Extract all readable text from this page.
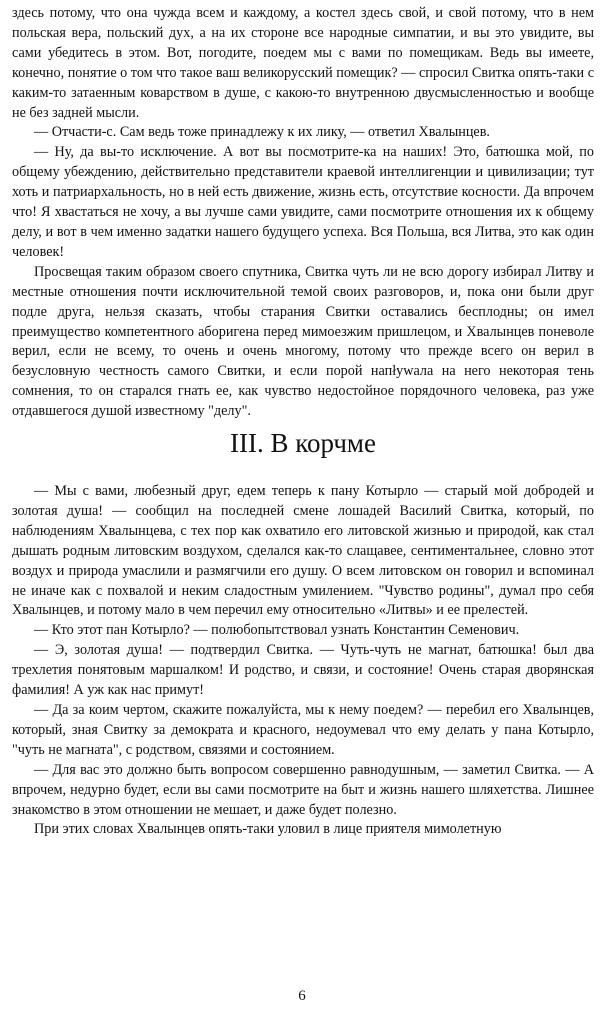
здесь потому, что она чужда всем и каждому, а костел здесь свой, и свой потому, что в нем польская вера, польский дух, а на их стороне все народные симпатии, и вы это увидите, вы сами убедитесь в этом. Вот, погодите, поедем мы с вами по помещикам. Ведь вы имеете, конечно, понятие о том что такое ваш великорусский помещик? — спросил Свитка опять-таки с каким-то затаенным коварством в душе, с какою-то внутренною двусмысленностью и вообще не без задней мысли.

— Отчасти-с. Сам ведь тоже принадлежу к их лику, — ответил Хвалынцев.

— Ну, да вы-то исключение. А вот вы посмотрите-ка на наших! Это, батюшка мой, по общему убеждению, действительно представители краевой интеллигенции и цивилизации; тут хоть и патриархальность, но в ней есть движение, жизнь есть, отсутствие косности. Да впрочем что! Я хвастаться не хочу, а вы лучше сами увидите, сами посмотрите отношения их к общему делу, и вот в чем именно задатки нашего будущего успеха. Вся Польша, вся Литва, это как один человек!

Просвещая таким образом своего спутника, Свитка чуть ли не всю дорогу избирал Литву и местные отношения почти исключительной темой своих разговоров, и, пока они были друг подле друга, нельзя сказать, чтобы старания Свитки оставались бесплодны; он имел преимущество компетентного аборигена перед мимоезжим пришлецом, и Хвалынцев поневоле верил, если не всему, то очень и очень многому, потому что прежде всего он верил в безусловную честность самого Свитки, и если порой напływала на него некоторая тень сомнения, то он старался гнать ее, как чувство недостойное порядочного человека, раз уже отдавшегося душой известному "делу".

III. В корчме

— Мы с вами, любезный друг, едем теперь к пану Котырло — старый мой добродей и золотая душа! — сообщил на последней смене лошадей Василий Свитка, который, по наблюдениям Хвалынцева, с тех пор как охватило его литовской жизнью и природой, как стал дышать родным литовским воздухом, сделался как-то слащавее, сентиментальнее, словно этот воздух и природа умаслили и размягчили его душу. О всем литовском он говорил и вспоминал не иначе как с похвалой и неким сладостным умилением. "Чувство родины", думал про себя Хвалынцев, и потому мало в чем перечил ему относительно «Литвы» и ее прелестей.

— Кто этот пан Котырло? — полюбопытствовал узнать Константин Семенович.

— Э, золотая душа! — подтвердил Свитка. — Чуть-чуть не магнат, батюшка! был два трехлетия понятовым маршалком! И родство, и связи, и состояние! Очень старая дворянская фамилия! А уж как нас примут!

— Да за коим чертом, скажите пожалуйста, мы к нему поедем? — перебил его Хвалынцев, который, зная Свитку за демократа и красного, недоумевал что ему делать у пана Котырло, "чуть не магната", с родством, связями и состоянием.

— Для вас это должно быть вопросом совершенно равнодушным, — заметил Свитка. — А впрочем, недурно будет, если вы сами посмотрите на быт и жизнь нашего шляхетства. Лишнее знакомство в этом отношении не мешает, и даже будет полезно.

При этих словах Хвалынцев опять-таки уловил в лице приятеля мимолетную

6
